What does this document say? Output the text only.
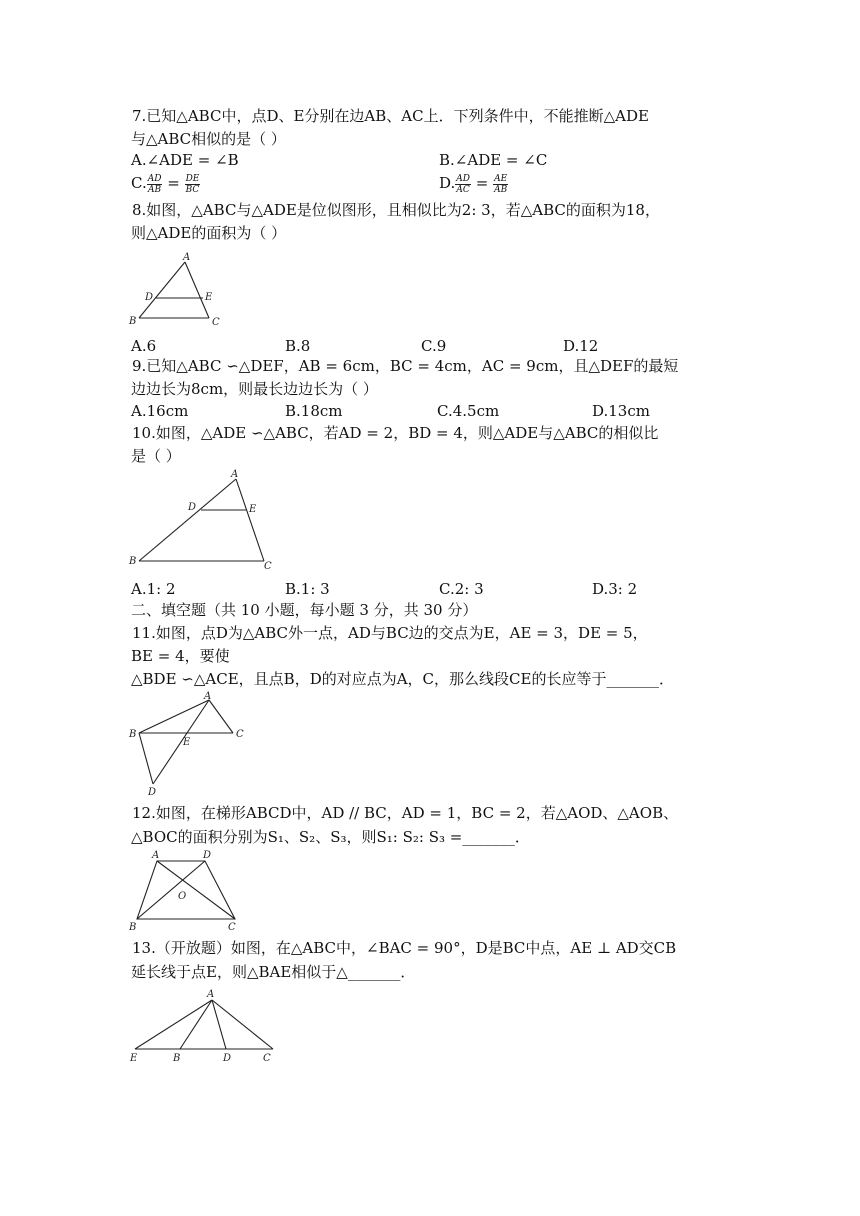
7.已知△ABC中，点D、E分别在边AB、AC上．下列条件中，不能推断△ADE
与△ABC相似的是（ ）
A.∠ADE = ∠B	B.∠ADE = ∠C
C. $\frac{AD}{AB} = \frac{DE}{BC}$	D. $\frac{AD}{AC} = \frac{AE}{AB}$
8.如图，△ABC与△ADE是位似图形，且相似比为2: 3，若△ABC的面积为18，
则△ADE的面积为（ ）
A
B	C
D	E
A.6	B.8	C.9	D.12
9.已知△ABC ∽△DEF，AB = 6cm，BC = 4cm，AC = 9cm，且△DEF的最短
边边长为8cm，则最长边边长为（ ）
A.16cm	B.18cm	C.4.5cm	D.13cm
10.如图，△ADE ∽△ABC，若AD = 2，BD = 4，则△ADE与△ABC的相似比
是（ ）
A
B	C
D	E
A.1: 2	B.1: 3	C.2: 3	D.3: 2
二、填空题（共 10 小题，每小题 3 分，共 30 分）
11.如图，点D为△ABC外一点，AD与BC边的交点为E，AE = 3，DE = 5，
BE = 4，要使
△BDE ∽△ACE，且点B，D的对应点为A，C，那么线段CE的长应等于_______．
A
B	C
D
E
12.如图，在梯形ABCD中，AD // BC，AD = 1，BC = 2，若△AOD、△AOB、
△BOC的面积分别为S₁、S₂、S₃，则S₁: S₂: S₃ =_______．
A	D
B	C
O
13.（开放题）如图，在△ABC中，∠BAC = 90°，D是BC中点，AE ⊥ AD交CB
延长线于点E，则△BAE相似于△_______．
A
E	B	D	C
